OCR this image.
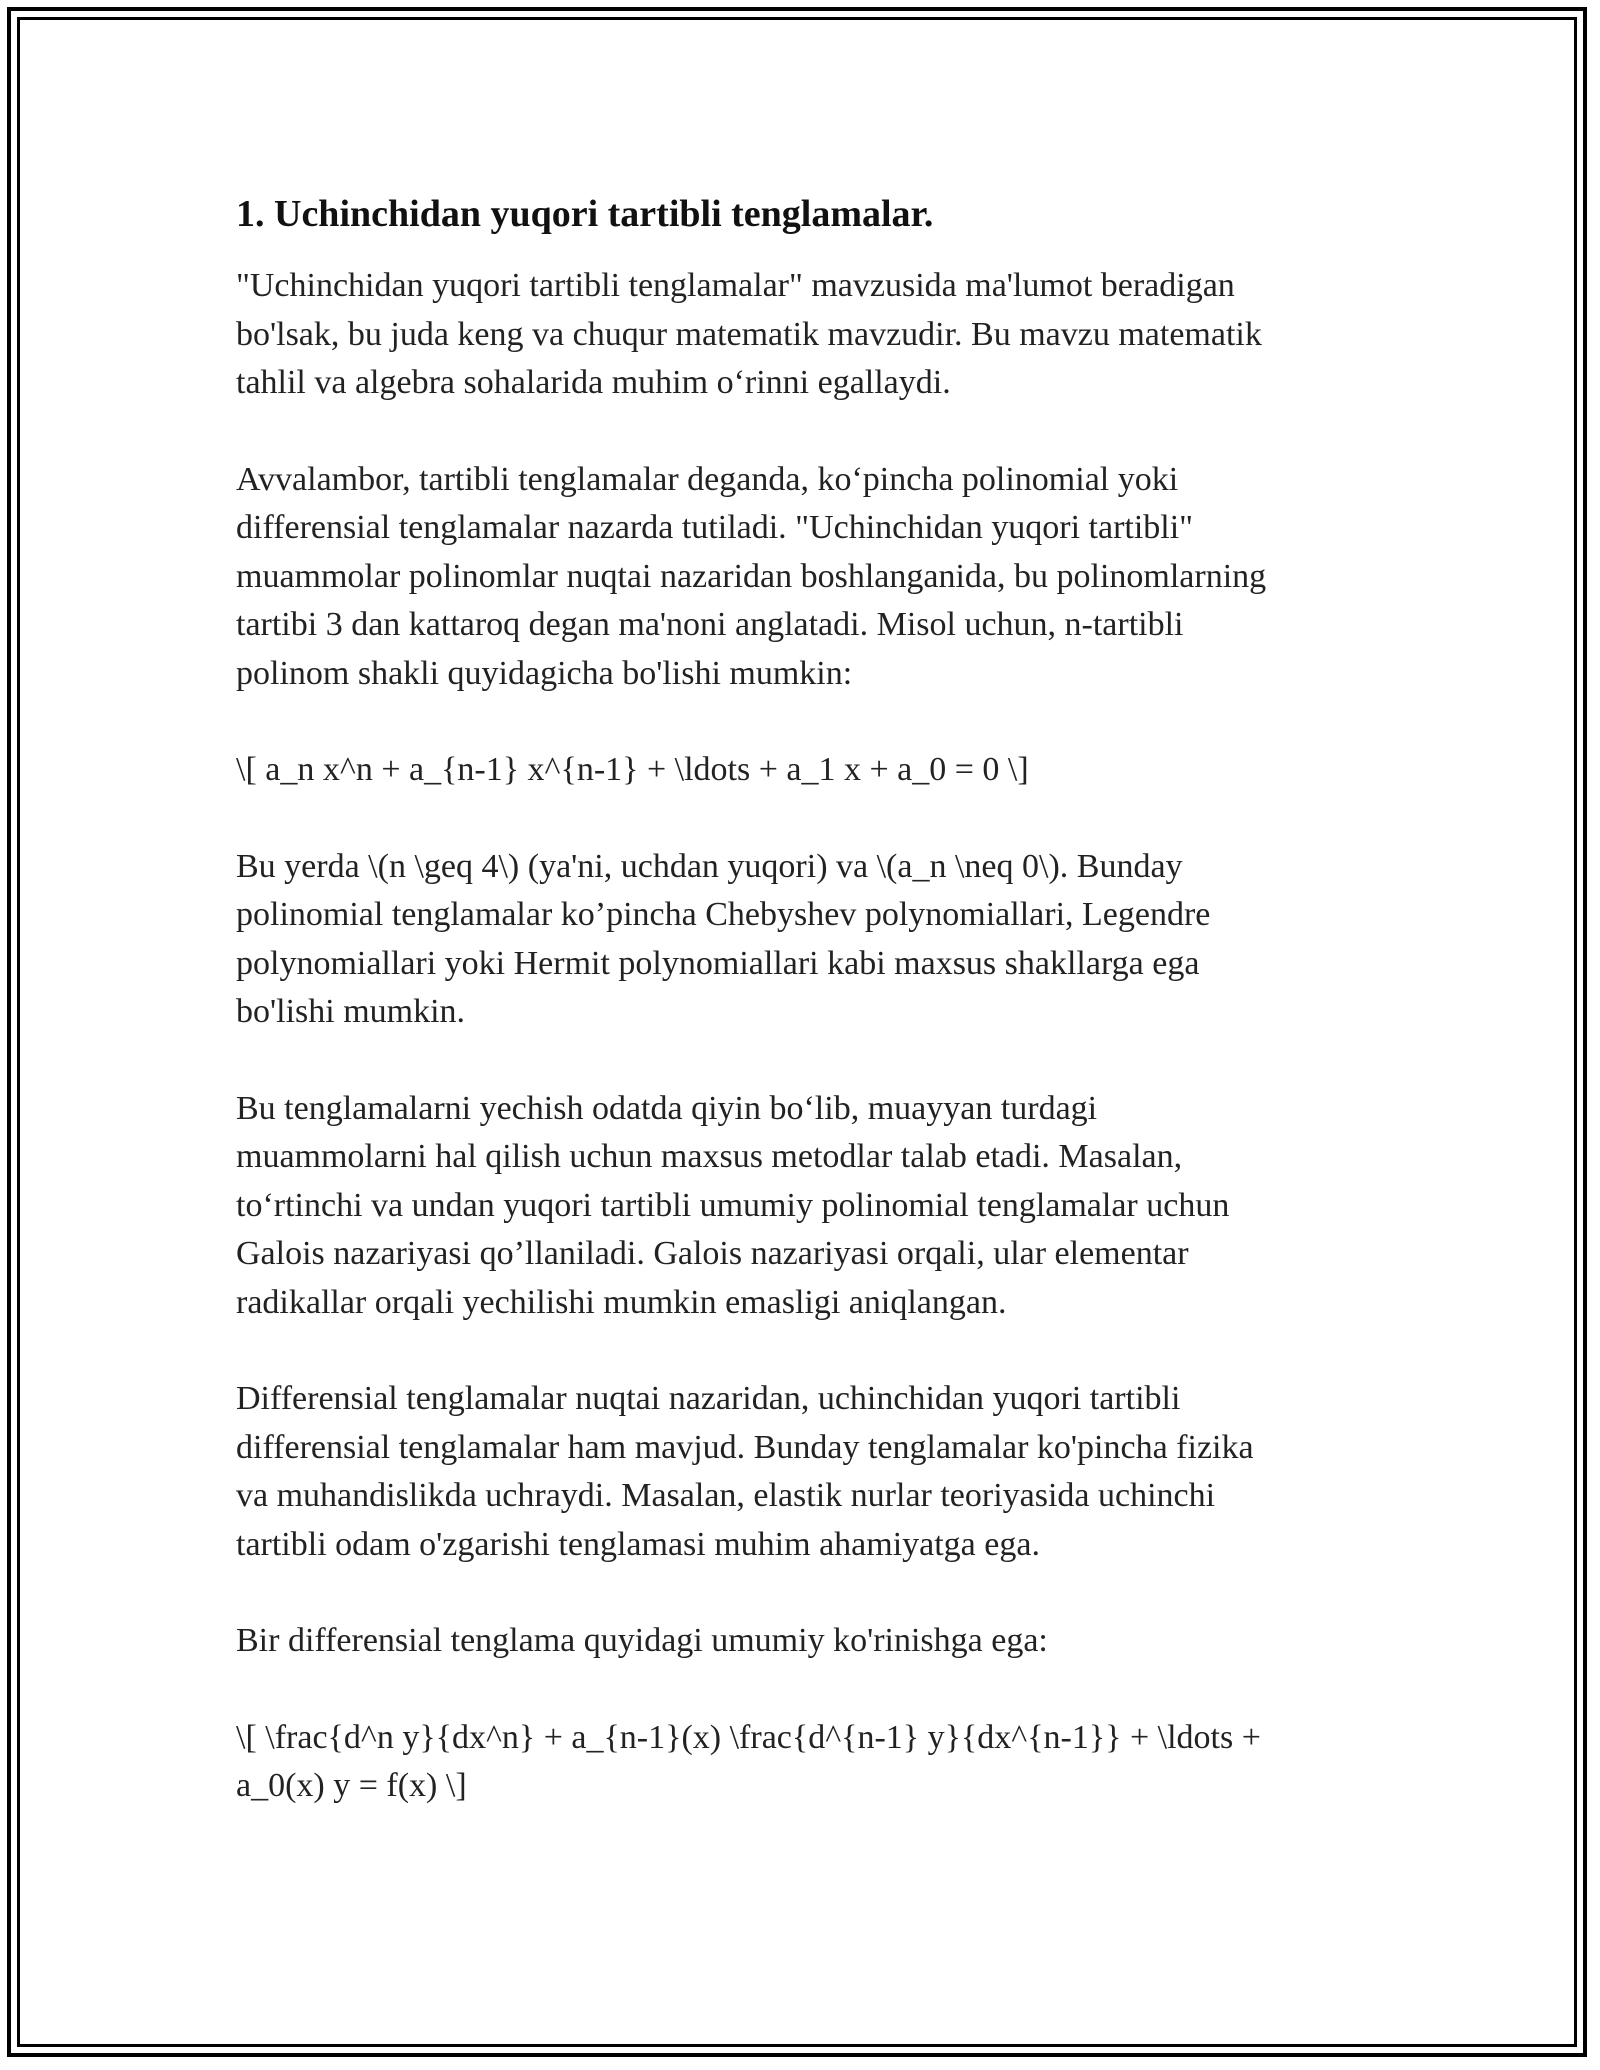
1. Uchinchidan yuqori tartibli tenglamalar.

"Uchinchidan yuqori tartibli tenglamalar" mavzusida ma'lumot beradigan
bo'lsak, bu juda keng va chuqur matematik mavzudir. Bu mavzu matematik
tahlil va algebra sohalarida muhim o‘rinni egallaydi.

Avvalambor, tartibli tenglamalar deganda, ko‘pincha polinomial yoki
differensial tenglamalar nazarda tutiladi. "Uchinchidan yuqori tartibli"
muammolar polinomlar nuqtai nazaridan boshlanganida, bu polinomlarning
tartibi 3 dan kattaroq degan ma'noni anglatadi. Misol uchun, n-tartibli
polinom shakli quyidagicha bo'lishi mumkin:

\[ a_n x^n + a_{n-1} x^{n-1} + \ldots + a_1 x + a_0 = 0 \]

Bu yerda \(n \geq 4\) (ya'ni, uchdan yuqori) va \(a_n \neq 0\). Bunday
polinomial tenglamalar ko’pincha Chebyshev polynomiallari, Legendre
polynomiallari yoki Hermit polynomiallari kabi maxsus shakllarga ega
bo'lishi mumkin.

Bu tenglamalarni yechish odatda qiyin bo‘lib, muayyan turdagi
muammolarni hal qilish uchun maxsus metodlar talab etadi. Masalan,
to‘rtinchi va undan yuqori tartibli umumiy polinomial tenglamalar uchun
Galois nazariyasi qo’llaniladi. Galois nazariyasi orqali, ular elementar
radikallar orqali yechilishi mumkin emasligi aniqlangan.

Differensial tenglamalar nuqtai nazaridan, uchinchidan yuqori tartibli
differensial tenglamalar ham mavjud. Bunday tenglamalar ko'pincha fizika
va muhandislikda uchraydi. Masalan, elastik nurlar teoriyasida uchinchi
tartibli odam o'zgarishi tenglamasi muhim ahamiyatga ega.

Bir differensial tenglama quyidagi umumiy ko'rinishga ega:

\[ \frac{d^n y}{dx^n} + a_{n-1}(x) \frac{d^{n-1} y}{dx^{n-1}} + \ldots +
a_0(x) y = f(x) \]
